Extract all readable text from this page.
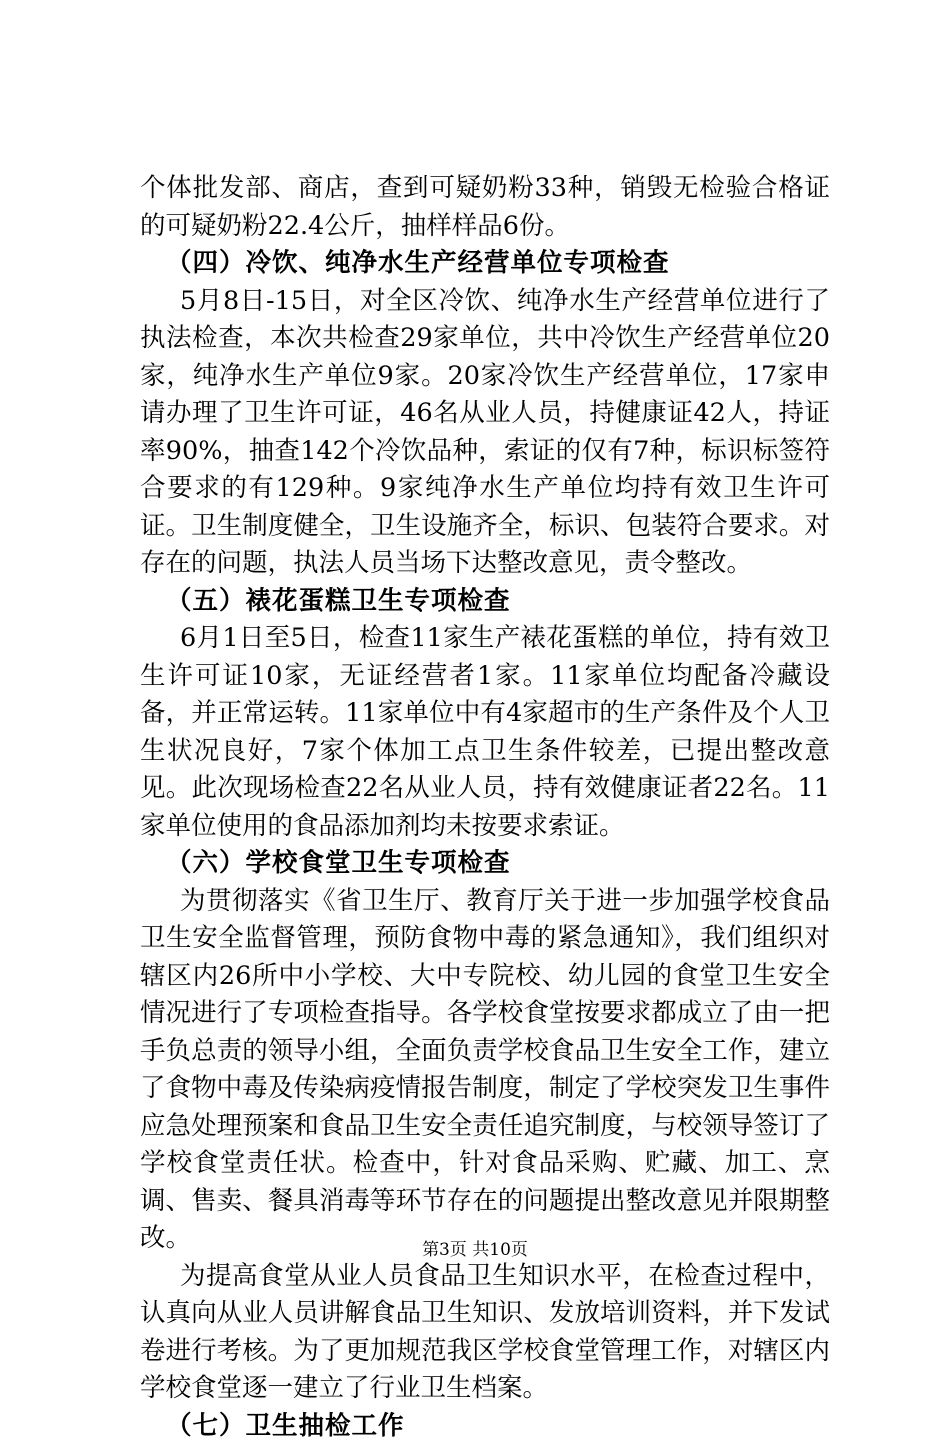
个体批发部、商店，查到可疑奶粉33种，销毁无检验合格证的可疑奶粉22.4公斤，抽样样品6份。

（四）冷饮、纯净水生产经营单位专项检查

5月8日-15日，对全区冷饮、纯净水生产经营单位进行了执法检查，本次共检查29家单位，共中冷饮生产经营单位20家，纯净水生产单位9家。20家冷饮生产经营单位，17家申请办理了卫生许可证，46名从业人员，持健康证42人，持证率90%，抽查142个冷饮品种，索证的仅有7种，标识标签符合要求的有129种。9家纯净水生产单位均持有效卫生许可证。卫生制度健全，卫生设施齐全，标识、包装符合要求。对存在的问题，执法人员当场下达整改意见，责令整改。

（五）裱花蛋糕卫生专项检查

6月1日至5日，检查11家生产裱花蛋糕的单位，持有效卫生许可证10家，无证经营者1家。11家单位均配备冷藏设备，并正常运转。11家单位中有4家超市的生产条件及个人卫生状况良好，7家个体加工点卫生条件较差，已提出整改意见。此次现场检查22名从业人员，持有效健康证者22名。11家单位使用的食品添加剂均未按要求索证。

（六）学校食堂卫生专项检查

为贯彻落实《省卫生厅、教育厅关于进一步加强学校食品卫生安全监督管理，预防食物中毒的紧急通知》，我们组织对辖区内26所中小学校、大中专院校、幼儿园的食堂卫生安全情况进行了专项检查指导。各学校食堂按要求都成立了由一把手负总责的领导小组，全面负责学校食品卫生安全工作，建立了食物中毒及传染病疫情报告制度，制定了学校突发卫生事件应急处理预案和食品卫生安全责任追究制度，与校领导签订了学校食堂责任状。检查中，针对食品采购、贮藏、加工、烹调、售卖、餐具消毒等环节存在的问题提出整改意见并限期整改。

为提高食堂从业人员食品卫生知识水平，在检查过程中，认真向从业人员讲解食品卫生知识、发放培训资料，并下发试卷进行考核。为了更加规范我区学校食堂管理工作，对辖区内学校食堂逐一建立了行业卫生档案。

（七）卫生抽检工作

第3页 共10页
